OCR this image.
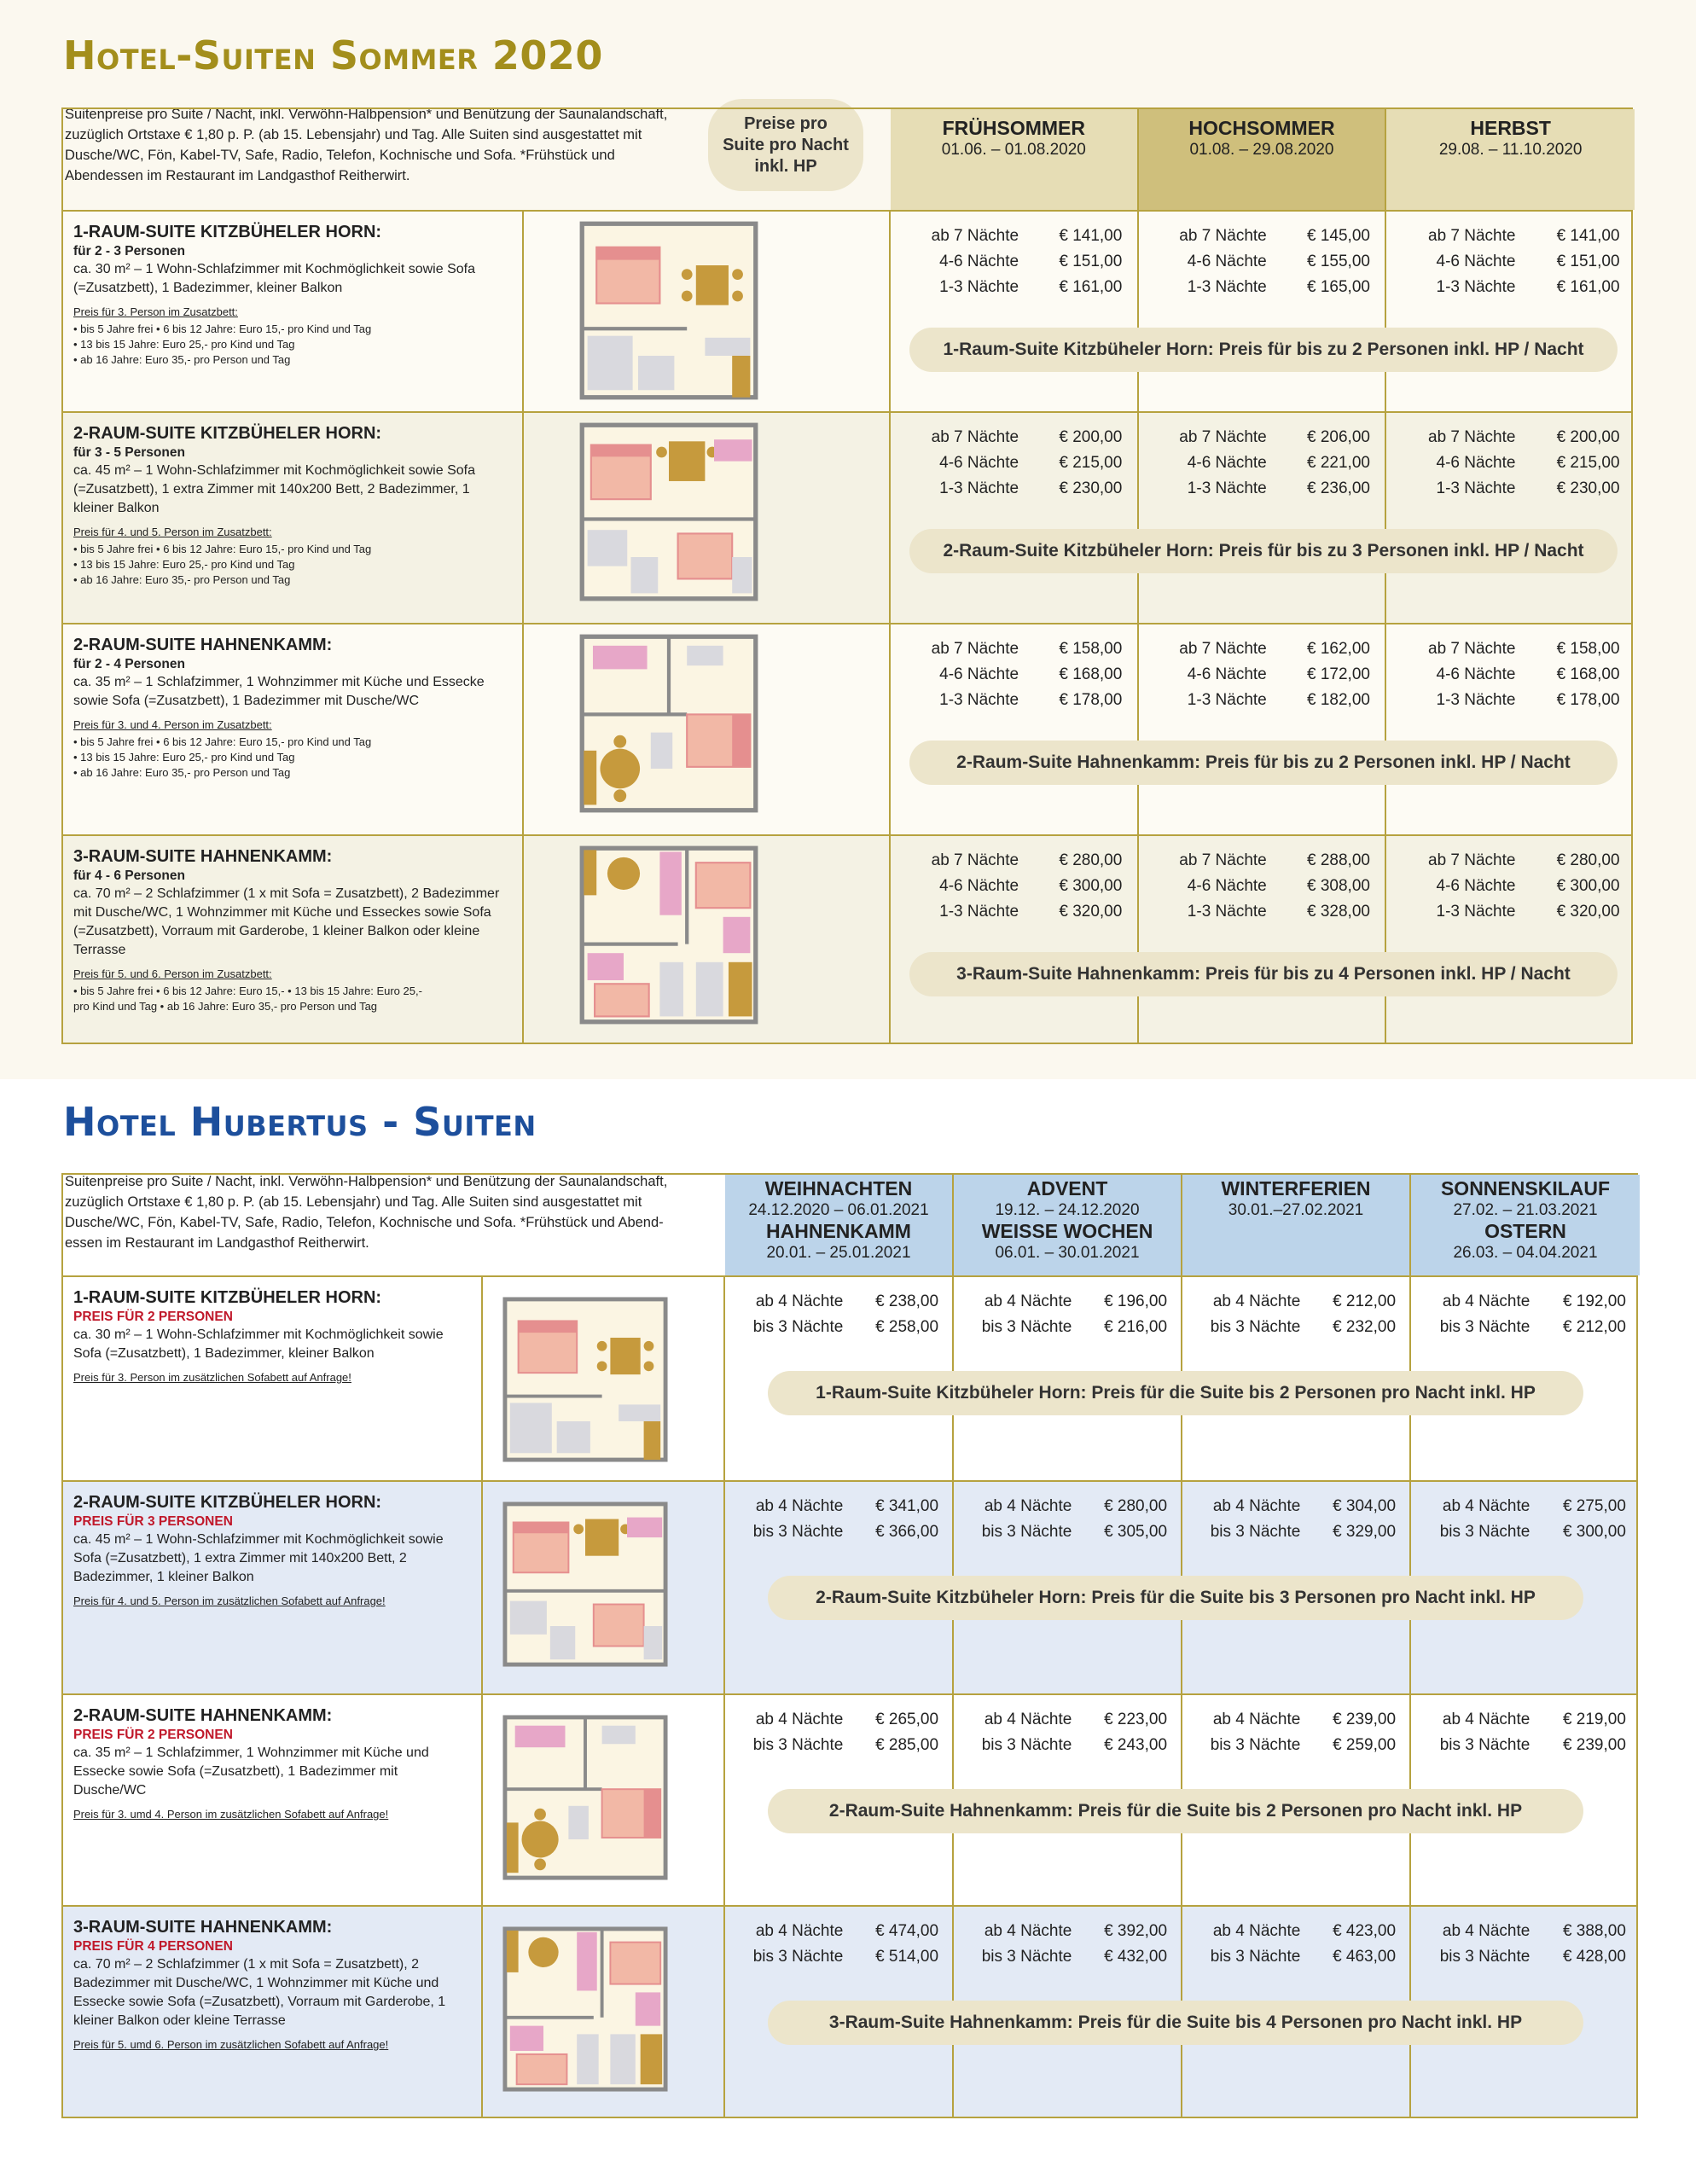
Hotel-Suiten Sommer 2020

Suitenpreise pro Suite / Nacht, inkl. Verwöhn-Halbpension* und Benützung der Saunalandschaft, zuzüglich Ortstaxe € 1,80 p. P. (ab 15. Lebensjahr) und Tag. Alle Suiten sind ausgestattet mit Dusche/WC, Fön, Kabel-TV, Safe, Radio, Telefon, Kochnische und Sofa. *Frühstück und Abendessen im Restaurant im Landgasthof Reitherwirt.

Preise pro
Suite pro Nacht
inkl. HP
FRÜHSOMMER
01.06. – 01.08.2020
HOCHSOMMER
01.08. – 29.08.2020
HERBST
29.08. – 11.10.2020

1-RAUM-SUITE KITZBÜHELER HORN:

für 2 - 3 Personen

ca. 30 m² – 1 Wohn-Schlafzimmer mit Kochmöglichkeit sowie Sofa (=Zusatzbett), 1 Badezimmer, kleiner Balkon

Preis für 3. Person im Zusatzbett:

• bis 5 Jahre frei • 6 bis 12 Jahre: Euro 15,- pro Kind und Tag
• 13 bis 15 Jahre: Euro 25,- pro Kind und Tag
• ab 16 Jahre: Euro 35,- pro Person und Tag
ab 7 Nächte	€ 141,00
4-6 Nächte	€ 151,00
1-3 Nächte	€ 161,00
ab 7 Nächte	€ 145,00
4-6 Nächte	€ 155,00
1-3 Nächte	€ 165,00
ab 7 Nächte	€ 141,00
4-6 Nächte	€ 151,00
1-3 Nächte	€ 161,00
1-Raum-Suite Kitzbüheler Horn: Preis für bis zu 2 Personen inkl. HP / Nacht

2-RAUM-SUITE KITZBÜHELER HORN:

für 3 - 5 Personen

ca. 45 m² – 1 Wohn-Schlafzimmer mit Kochmöglichkeit sowie Sofa (=Zusatzbett), 1 extra Zimmer mit 140x200 Bett, 2 Badezimmer, 1 kleiner Balkon

Preis für 4. und 5. Person im Zusatzbett:

• bis 5 Jahre frei • 6 bis 12 Jahre: Euro 15,- pro Kind und Tag
• 13 bis 15 Jahre: Euro 25,- pro Kind und Tag
• ab 16 Jahre: Euro 35,- pro Person und Tag
ab 7 Nächte	€ 200,00
4-6 Nächte	€ 215,00
1-3 Nächte	€ 230,00
ab 7 Nächte	€ 206,00
4-6 Nächte	€ 221,00
1-3 Nächte	€ 236,00
ab 7 Nächte	€ 200,00
4-6 Nächte	€ 215,00
1-3 Nächte	€ 230,00
2-Raum-Suite Kitzbüheler Horn: Preis für bis zu 3 Personen inkl. HP / Nacht

2-RAUM-SUITE HAHNENKAMM:

für 2 - 4 Personen

ca. 35 m² – 1 Schlafzimmer, 1 Wohnzimmer mit Küche und Essecke sowie Sofa (=Zusatzbett), 1 Badezimmer mit Dusche/WC

Preis für 3. und 4. Person im Zusatzbett:

• bis 5 Jahre frei • 6 bis 12 Jahre: Euro 15,- pro Kind und Tag
• 13 bis 15 Jahre: Euro 25,- pro Kind und Tag
• ab 16 Jahre: Euro 35,- pro Person und Tag
ab 7 Nächte	€ 158,00
4-6 Nächte	€ 168,00
1-3 Nächte	€ 178,00
ab 7 Nächte	€ 162,00
4-6 Nächte	€ 172,00
1-3 Nächte	€ 182,00
ab 7 Nächte	€ 158,00
4-6 Nächte	€ 168,00
1-3 Nächte	€ 178,00
2-Raum-Suite Hahnenkamm: Preis für bis zu 2 Personen inkl. HP / Nacht

3-RAUM-SUITE HAHNENKAMM:

für 4 - 6 Personen

ca. 70 m² – 2 Schlafzimmer (1 x mit Sofa = Zusatzbett), 2 Badezimmer mit Dusche/WC, 1 Wohnzimmer mit Küche und Esseckes sowie Sofa (=Zusatzbett), Vorraum mit Garderobe, 1 kleiner Balkon oder kleine Terrasse

Preis für 5. und 6. Person im Zusatzbett:

• bis 5 Jahre frei • 6 bis 12 Jahre: Euro 15,- • 13 bis 15 Jahre: Euro 25,-
pro Kind und Tag • ab 16 Jahre: Euro 35,- pro Person und Tag
ab 7 Nächte	€ 280,00
4-6 Nächte	€ 300,00
1-3 Nächte	€ 320,00
ab 7 Nächte	€ 288,00
4-6 Nächte	€ 308,00
1-3 Nächte	€ 328,00
ab 7 Nächte	€ 280,00
4-6 Nächte	€ 300,00
1-3 Nächte	€ 320,00
3-Raum-Suite Hahnenkamm: Preis für bis zu 4 Personen inkl. HP / Nacht
Hotel Hubertus - Suiten

Suitenpreise pro Suite / Nacht, inkl. Verwöhn-Halbpension* und Benützung der Saunalandschaft, zuzüglich Ortstaxe € 1,80 p. P. (ab 15. Lebensjahr) und Tag. Alle Suiten sind ausgestattet mit Dusche/WC, Fön, Kabel-TV, Safe, Radio, Telefon, Kochnische und Sofa. *Frühstück und Abend-essen im Restaurant im Landgasthof Reitherwirt.

WEIHNACHTEN
24.12.2020 – 06.01.2021
HAHNENKAMM
20.01. – 25.01.2021
ADVENT
19.12. – 24.12.2020
WEISSE WOCHEN
06.01. – 30.01.2021
WINTERFERIEN
30.01.–27.02.2021
SONNENSKILAUF
27.02. – 21.03.2021
OSTERN
26.03. – 04.04.2021

1-RAUM-SUITE KITZBÜHELER HORN:

PREIS FÜR 2 PERSONEN

ca. 30 m² – 1 Wohn-Schlafzimmer mit Kochmöglichkeit sowie Sofa (=Zusatzbett), 1 Badezimmer, kleiner Balkon

Preis für 3. Person im zusätzlichen Sofabett auf Anfrage!

ab 4 Nächte	€ 238,00
bis 3 Nächte	€ 258,00
ab 4 Nächte	€ 196,00
bis 3 Nächte	€ 216,00
ab 4 Nächte	€ 212,00
bis 3 Nächte	€ 232,00
ab 4 Nächte	€ 192,00
bis 3 Nächte	€ 212,00
1-Raum-Suite Kitzbüheler Horn: Preis für die Suite bis 2 Personen pro Nacht inkl. HP

2-RAUM-SUITE KITZBÜHELER HORN:

PREIS FÜR 3 PERSONEN

ca. 45 m² – 1 Wohn-Schlafzimmer mit Kochmöglichkeit sowie Sofa (=Zusatzbett), 1 extra Zimmer mit 140x200 Bett, 2 Badezimmer, 1 kleiner Balkon

Preis für 4. und 5. Person im zusätzlichen Sofabett auf Anfrage!

ab 4 Nächte	€ 341,00
bis 3 Nächte	€ 366,00
ab 4 Nächte	€ 280,00
bis 3 Nächte	€ 305,00
ab 4 Nächte	€ 304,00
bis 3 Nächte	€ 329,00
ab 4 Nächte	€ 275,00
bis 3 Nächte	€ 300,00
2-Raum-Suite Kitzbüheler Horn: Preis für die Suite bis 3 Personen pro Nacht inkl. HP

2-RAUM-SUITE HAHNENKAMM:

PREIS FÜR 2 PERSONEN

ca. 35 m² – 1 Schlafzimmer, 1 Wohnzimmer mit Küche und Essecke sowie Sofa (=Zusatzbett), 1 Badezimmer mit Dusche/WC

Preis für 3. umd 4. Person im zusätzlichen Sofabett auf Anfrage!

ab 4 Nächte	€ 265,00
bis 3 Nächte	€ 285,00
ab 4 Nächte	€ 223,00
bis 3 Nächte	€ 243,00
ab 4 Nächte	€ 239,00
bis 3 Nächte	€ 259,00
ab 4 Nächte	€ 219,00
bis 3 Nächte	€ 239,00
2-Raum-Suite Hahnenkamm: Preis für die Suite bis 2 Personen pro Nacht inkl. HP

3-RAUM-SUITE HAHNENKAMM:

PREIS FÜR 4 PERSONEN

ca. 70 m² – 2 Schlafzimmer (1 x mit Sofa = Zusatzbett), 2 Badezimmer mit Dusche/WC, 1 Wohnzimmer mit Küche und Essecke sowie Sofa (=Zusatzbett), Vorraum mit Garderobe, 1 kleiner Balkon oder kleine Terrasse

Preis für 5. umd 6. Person im zusätzlichen Sofabett auf Anfrage!

ab 4 Nächte	€ 474,00
bis 3 Nächte	€ 514,00
ab 4 Nächte	€ 392,00
bis 3 Nächte	€ 432,00
ab 4 Nächte	€ 423,00
bis 3 Nächte	€ 463,00
ab 4 Nächte	€ 388,00
bis 3 Nächte	€ 428,00
3-Raum-Suite Hahnenkamm: Preis für die Suite bis 4 Personen pro Nacht inkl. HP
